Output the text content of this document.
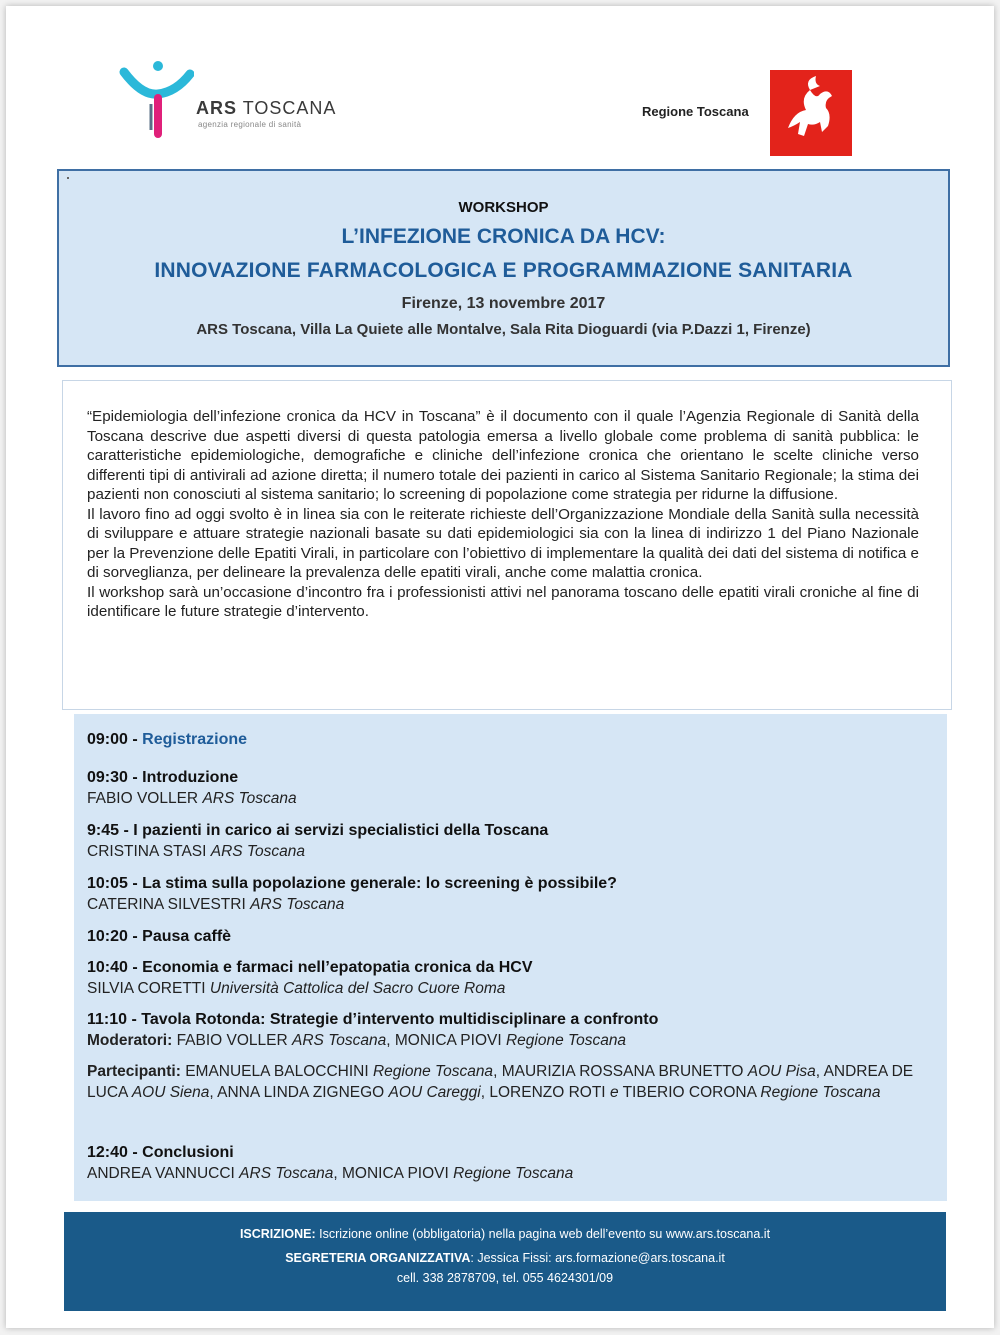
ARS TOSCANA
agenzia regionale di sanità
Regione Toscana
WORKSHOP
L’INFEZIONE CRONICA DA HCV:
INNOVAZIONE FARMACOLOGICA E PROGRAMMAZIONE SANITARIA
Firenze, 13 novembre 2017
ARS Toscana, Villa La Quiete alle Montalve, Sala Rita Dioguardi (via P.Dazzi 1, Firenze)

“Epidemiologia dell’infezione cronica da HCV in Toscana” è il documento con il quale l’Agenzia Regionale di Sanità della Toscana descrive due aspetti diversi di questa patologia emersa a livello globale come problema di sanità pubblica: le caratteristiche epidemiologiche, demografiche e cliniche dell’infezione cronica che orientano le scelte cliniche verso differenti tipi di antivirali ad azione diretta; il numero totale dei pazienti in carico al Sistema Sanitario Regionale; la stima dei pazienti non conosciuti al sistema sanitario; lo screening di popolazione come strategia per ridurne la diffusione.

Il lavoro fino ad oggi svolto è in linea sia con le reiterate richieste dell’Organizzazione Mondiale della Sanità sulla necessità di sviluppare e attuare strategie nazionali basate su dati epidemiologici sia con la linea di indirizzo 1 del Piano Nazionale per la Prevenzione delle Epatiti Virali, in particolare con l’obiettivo di implementare la qualità dei dati del sistema di notifica e di sorveglianza, per delineare la prevalenza delle epatiti virali, anche come malattia cronica.

Il workshop sarà un’occasione d’incontro fra i professionisti attivi nel panorama toscano delle epatiti virali croniche al fine di identificare le future strategie d’intervento.

09:00 - Registrazione
09:30 - Introduzione
FABIO VOLLER ARS Toscana
9:45 - I pazienti in carico ai servizi specialistici della Toscana
CRISTINA STASI ARS Toscana
10:05 - La stima sulla popolazione generale: lo screening è possibile?
CATERINA SILVESTRI ARS Toscana
10:20 - Pausa caffè
10:40 - Economia e farmaci nell’epatopatia cronica da HCV
SILVIA CORETTI Università Cattolica del Sacro Cuore Roma
11:10 - Tavola Rotonda: Strategie d’intervento multidisciplinare a confronto
Moderatori: FABIO VOLLER ARS Toscana, MONICA PIOVI Regione Toscana
Partecipanti: EMANUELA BALOCCHINI Regione Toscana, MAURIZIA ROSSANA BRUNETTO AOU Pisa, ANDREA DE LUCA AOU Siena, ANNA LINDA ZIGNEGO AOU Careggi, LORENZO ROTI e TIBERIO CORONA Regione Toscana
12:40 - Conclusioni
ANDREA VANNUCCI ARS Toscana, MONICA PIOVI Regione Toscana
ISCRIZIONE: Iscrizione online (obbligatoria) nella pagina web dell’evento su www.ars.toscana.it
SEGRETERIA ORGANIZZATIVA: Jessica Fissi: ars.formazione@ars.toscana.it
cell. 338 2878709, tel. 055 4624301/09
